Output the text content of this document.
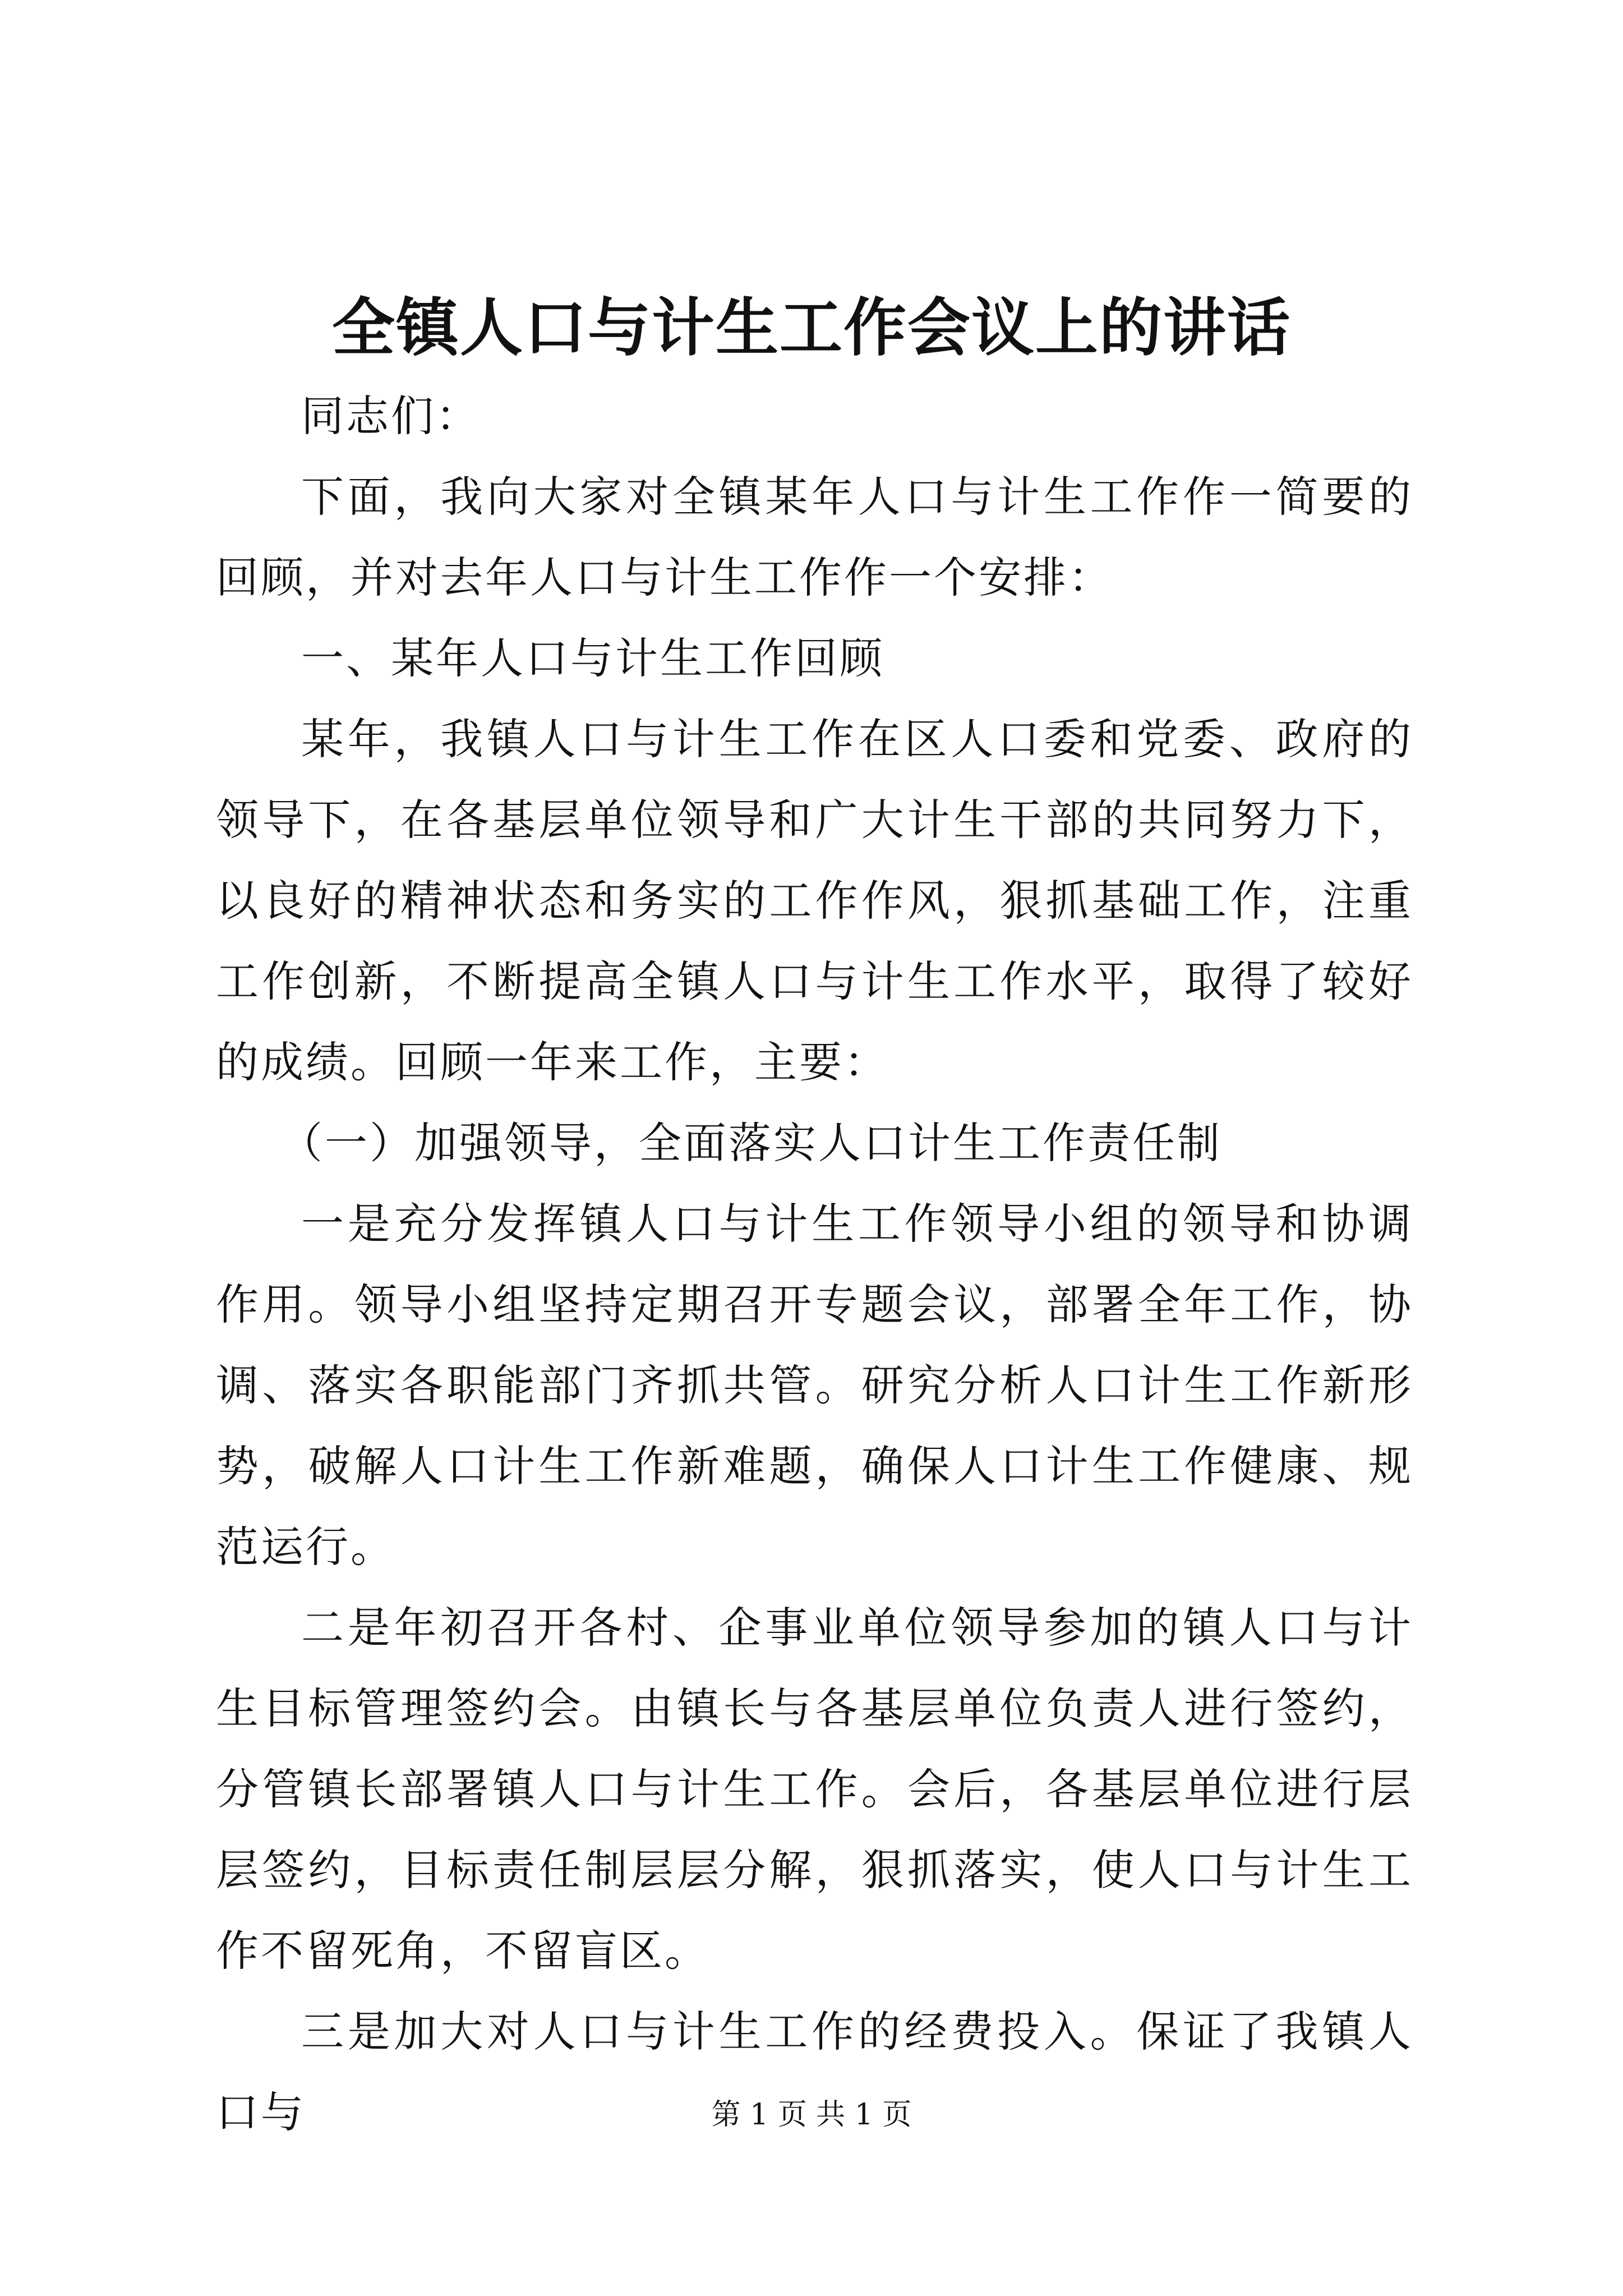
全镇人口与计生工作会议上的讲话

同志们：

下面，我向大家对全镇某年人口与计生工作作一简要的回顾，并对去年人口与计生工作作一个安排：

一、某年人口与计生工作回顾

某年，我镇人口与计生工作在区人口委和党委、政府的领导下，在各基层单位领导和广大计生干部的共同努力下，以良好的精神状态和务实的工作作风，狠抓基础工作，注重工作创新，不断提高全镇人口与计生工作水平，取得了较好的成绩。回顾一年来工作，主要：

（一）加强领导，全面落实人口计生工作责任制

一是充分发挥镇人口与计生工作领导小组的领导和协调作用。领导小组坚持定期召开专题会议，部署全年工作，协调、落实各职能部门齐抓共管。研究分析人口计生工作新形势，破解人口计生工作新难题，确保人口计生工作健康、规范运行。

二是年初召开各村、企事业单位领导参加的镇人口与计生目标管理签约会。由镇长与各基层单位负责人进行签约，分管镇长部署镇人口与计生工作。会后，各基层单位进行层层签约，目标责任制层层分解，狠抓落实，使人口与计生工作不留死角，不留盲区。

三是加大对人口与计生工作的经费投入。保证了我镇人口与	第 1 页 共 1 页
